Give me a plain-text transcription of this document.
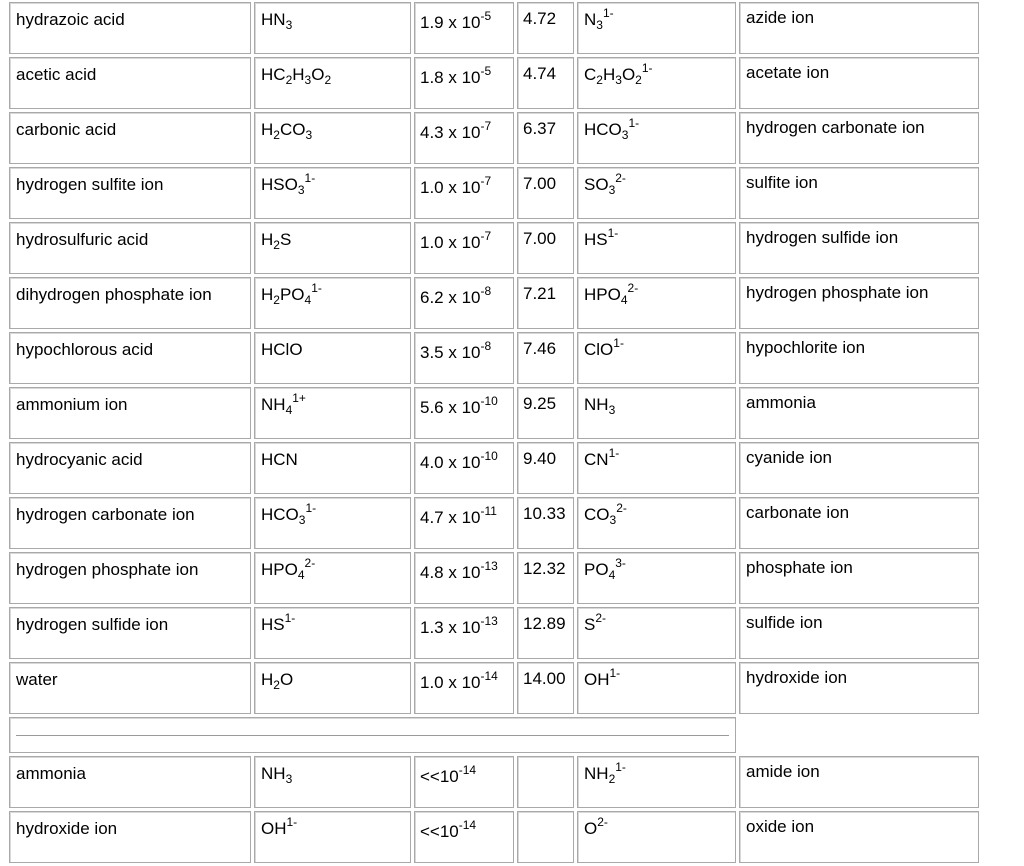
hydrazoic acid	$HN_3$	1.9 x $10^{-5}$	4.72	$N_3^{1-}$	azide ion
acetic acid	$HC_2H_3O_2$	1.8 x $10^{-5}$	4.74	$C_2H_3O_2^{1-}$	acetate ion
carbonic acid	$H_2CO_3$	4.3 x $10^{-7}$	6.37	$HCO_3^{1-}$	hydrogen carbonate ion
hydrogen sulfite ion	$HSO_3^{1-}$	1.0 x $10^{-7}$	7.00	$SO_3^{2-}$	sulfite ion
hydrosulfuric acid	$H_2S$	1.0 x $10^{-7}$	7.00	$HS^{1-}$	hydrogen sulfide ion
dihydrogen phosphate ion	$H_2PO_4^{1-}$	6.2 x $10^{-8}$	7.21	$HPO_4^{2-}$	hydrogen phosphate ion
hypochlorous acid	HClO	3.5 x $10^{-8}$	7.46	ClO$^{1-}$	hypochlorite ion
ammonium ion	$NH_4^{1+}$	5.6 x $10^{-10}$	9.25	$NH_3$	ammonia
hydrocyanic acid	HCN	4.0 x $10^{-10}$	9.40	$CN^{1-}$	cyanide ion
hydrogen carbonate ion	$HCO_3^{1-}$	4.7 x $10^{-11}$	10.33	$CO_3^{2-}$	carbonate ion
hydrogen phosphate ion	$HPO_4^{2-}$	4.8 x $10^{-13}$	12.32	$PO_4^{3-}$	phosphate ion
hydrogen sulfide ion	$HS^{1-}$	1.3 x $10^{-13}$	12.89	$S^{2-}$	sulfide ion
water	$H_2O$	1.0 x $10^{-14}$	14.00	$OH^{1-}$	hydroxide ion

ammonia	$NH_3$	$<<10^{-14}$		$NH_2^{1-}$	amide ion
hydroxide ion	$OH^{1-}$	$<<10^{-14}$		$O^{2-}$	oxide ion
